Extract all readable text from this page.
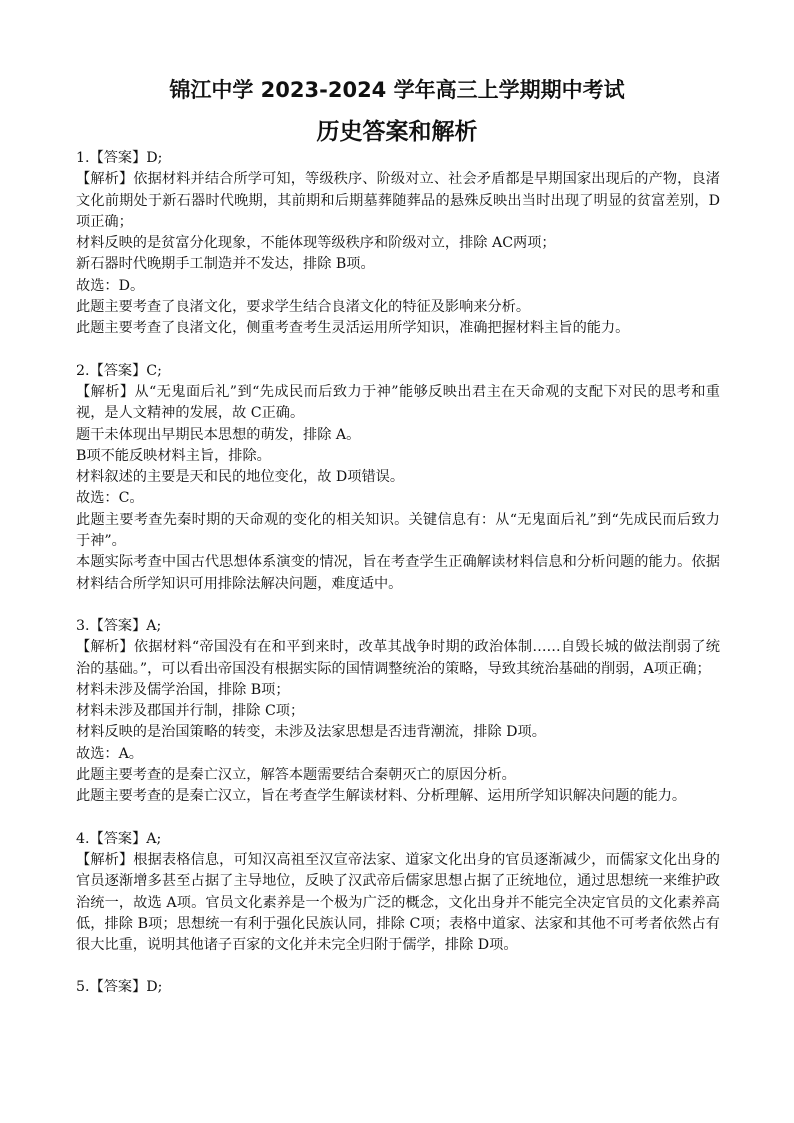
锦江中学 2023-2024 学年高三上学期期中考试
历史答案和解析

1.【答案】D;

【解析】依据材料并结合所学可知，等级秩序、阶级对立、社会矛盾都是早期国家出现后的产物，良渚文化前期处于新石器时代晚期，其前期和后期墓葬随葬品的悬殊反映出当时出现了明显的贫富差别，D项正确；

材料反映的是贫富分化现象，不能体现等级秩序和阶级对立，排除 AC两项；

新石器时代晚期手工制造并不发达，排除 B项。

故选：D。

此题主要考查了良渚文化，要求学生结合良渚文化的特征及影响来分析。

此题主要考查了良渚文化，侧重考查考生灵活运用所学知识，准确把握材料主旨的能力。

2.【答案】C;

【解析】从“无鬼面后礼”到“先成民而后致力于神”能够反映出君主在天命观的支配下对民的思考和重视，是人文精神的发展，故 C正确。

题干未体现出早期民本思想的萌发，排除 A。

B项不能反映材料主旨，排除。

材料叙述的主要是天和民的地位变化，故 D项错误。

故选：C。

此题主要考查先秦时期的天命观的变化的相关知识。关键信息有：从“无鬼面后礼”到“先成民而后致力于神”。

本题实际考查中国古代思想体系演变的情况，旨在考查学生正确解读材料信息和分析问题的能力。依据材料结合所学知识可用排除法解决问题，难度适中。

3.【答案】A;

【解析】依据材料“帝国没有在和平到来时，改革其战争时期的政治体制……自毁长城的做法削弱了统治的基础。”，可以看出帝国没有根据实际的国情调整统治的策略，导致其统治基础的削弱，A项正确；

材料未涉及儒学治国，排除 B项；

材料未涉及郡国并行制，排除 C项；

材料反映的是治国策略的转变，未涉及法家思想是否违背潮流，排除 D项。

故选：A。

此题主要考查的是秦亡汉立，解答本题需要结合秦朝灭亡的原因分析。

此题主要考查的是秦亡汉立，旨在考查学生解读材料、分析理解、运用所学知识解决问题的能力。

4.【答案】A;

【解析】根据表格信息，可知汉高祖至汉宣帝法家、道家文化出身的官员逐渐减少，而儒家文化出身的官员逐渐增多甚至占据了主导地位，反映了汉武帝后儒家思想占据了正统地位，通过思想统一来维护政治统一，故选 A项。官员文化素养是一个极为广泛的概念，文化出身并不能完全决定官员的文化素养高低，排除 B项；思想统一有利于强化民族认同，排除 C项；表格中道家、法家和其他不可考者依然占有很大比重，说明其他诸子百家的文化并未完全归附于儒学，排除 D项。

5.【答案】D;
